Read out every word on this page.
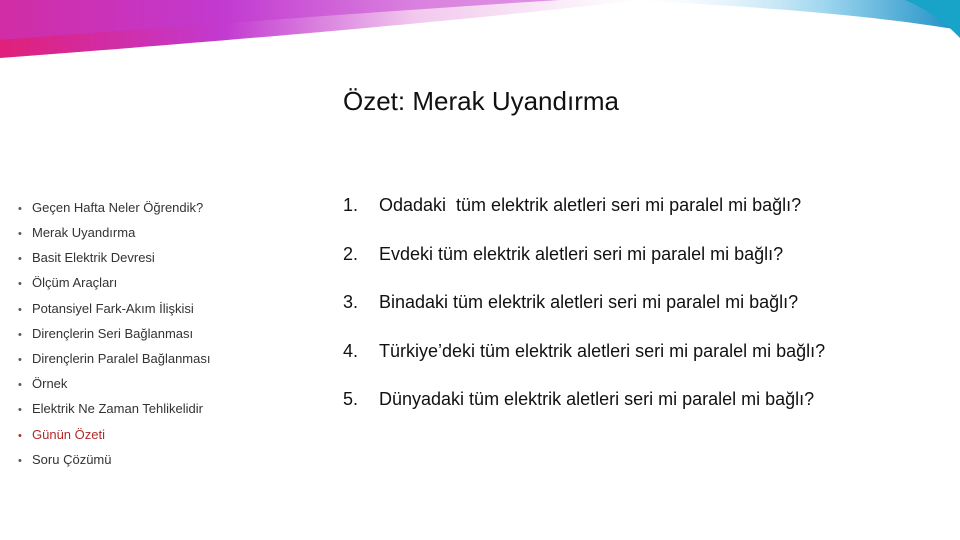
Özet: Merak Uyandırma
• Geçen Hafta Neler Öğrendik?
• Merak Uyandırma
• Basit Elektrik Devresi
• Ölçüm Araçları
• Potansiyel Fark-Akım İlişkisi
• Dirençlerin Seri Bağlanması
• Dirençlerin Paralel Bağlanması
• Örnek
• Elektrik Ne Zaman Tehlikelidir
• Günün Özeti
• Soru Çözümü
1. Odadaki  tüm elektrik aletleri seri mi paralel mi bağlı?
2. Evdeki tüm elektrik aletleri seri mi paralel mi bağlı?
3. Binadaki tüm elektrik aletleri seri mi paralel mi bağlı?
4. Türkiye’deki tüm elektrik aletleri seri mi paralel mi bağlı?
5. Dünyadaki tüm elektrik aletleri seri mi paralel mi bağlı?
